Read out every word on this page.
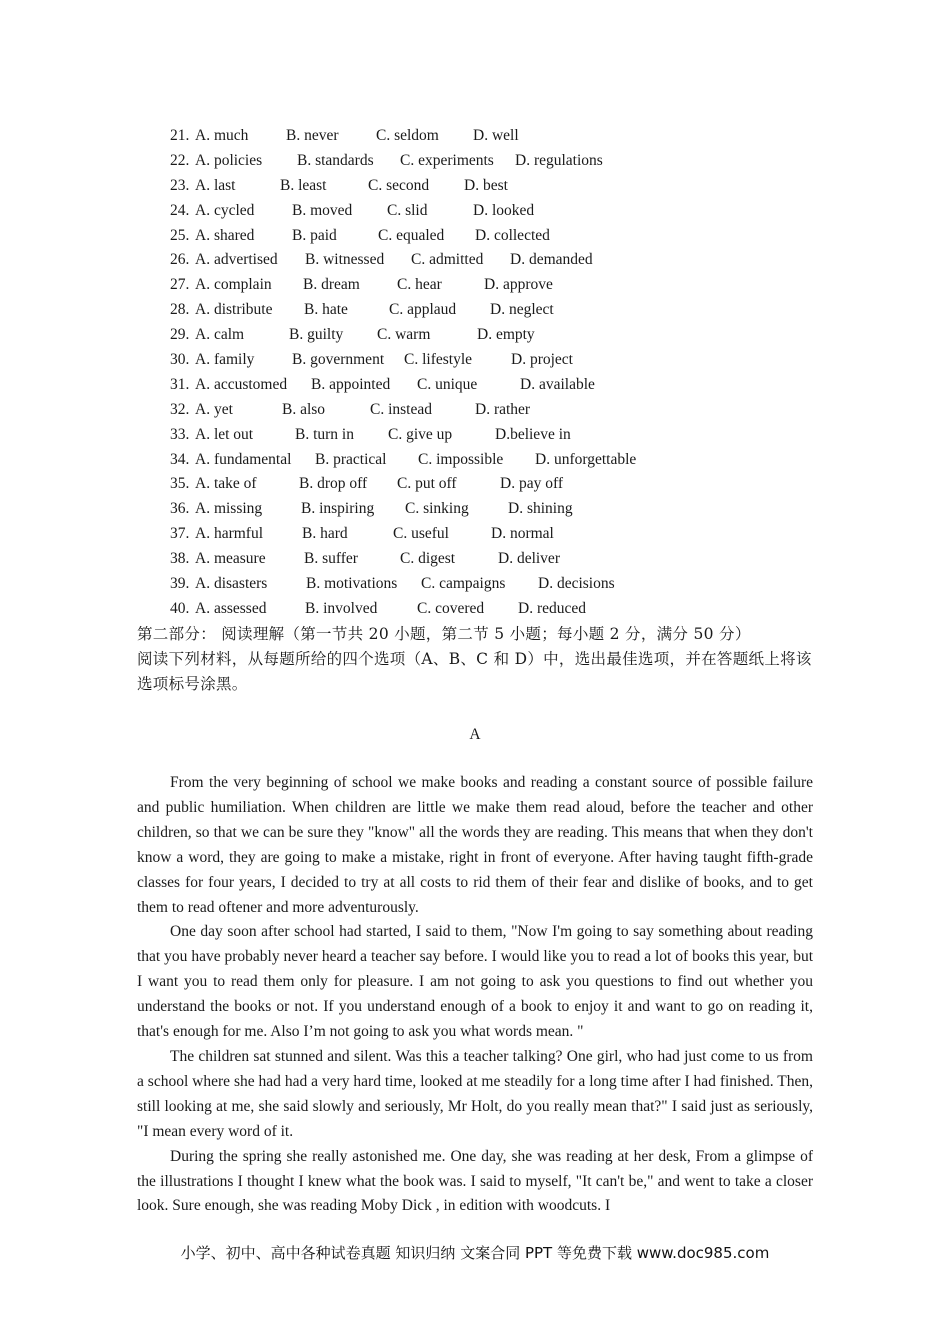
21. A. much B. never C. seldom D. well
22. A. policies B. standards C. experiments D. regulations
23. A. last	B. least	C. second D. best
24. A. cycled B. moved C. slid	D. looked
25. A. shared B. paid	C. equaled D. collected
26. A. advertised B. witnessed C. admitted D. demanded
27. A. complain B. dream C. hear	D. approve
28. A. distribute B. hate	C. applaud D. neglect
29. A. calm	B. guilty C. warm	D. empty
30. A. family B. government C. lifestyle	D. project
31. A. accustomed B. appointed C. unique	D. available
32. A. yet	B. also	C. instead	D. rather
33. A. let out	B. turn in C. give up	D.believe in
34. A. fundamental B. practical C. impossible D. unforgettable
35. A. take of	B. drop off C. put off	D. pay off
36. A. missing	B. inspiring C. sinking	D. shining
37. A. harmful	B. hard	C. useful	D. normal
38. A. measure B. suffer	C. digest	D. deliver
39. A. disasters B. motivations C. campaigns D. decisions
40. A. assessed B. involved	C. covered D. reduced
第二部分： 阅读理解（第一节共 20 小题，第二节 5 小题；每小题 2 分，满分 50 分）
阅读下列材料，从每题所给的四个选项（A、B、C 和 D）中，选出最佳选项，并在答题纸上将该选项标号涂黑。
A

From the very beginning of school we make books and reading a constant source of possible failure and public humiliation. When children are little we make them read aloud, before the teacher and other children, so that we can be sure they "know" all the words they are reading. This means that when they don't know a word, they are going to make a mistake, right in front of everyone. After having taught fifth-grade classes for four years, I decided to try at all costs to rid them of their fear and dislike of books, and to get them to read oftener and more adventurously.

One day soon after school had started, I said to them, "Now I'm going to say something about reading that you have probably never heard a teacher say before. I would like you to read a lot of books this year, but I want you to read them only for pleasure. I am not going to ask you questions to find out whether you understand the books or not. If you understand enough of a book to enjoy it and want to go on reading it, that's enough for me. Also I’m not going to ask you what words mean. "

The children sat stunned and silent. Was this a teacher talking? One girl, who had just come to us from a school where she had had a very hard time, looked at me steadily for a long time after I had finished. Then, still looking at me, she said slowly and seriously, Mr Holt, do you really mean that?" I said just as seriously, "I mean every word of it.

During the spring she really astonished me. One day, she was reading at her desk, From a glimpse of the illustrations I thought I knew what the book was. I said to myself, "It can't be," and went to take a closer look. Sure enough, she was reading Moby Dick , in edition with woodcuts. I

小学、初中、高中各种试卷真题 知识归纳 文案合同 PPT 等免费下载 www.doc985.com
